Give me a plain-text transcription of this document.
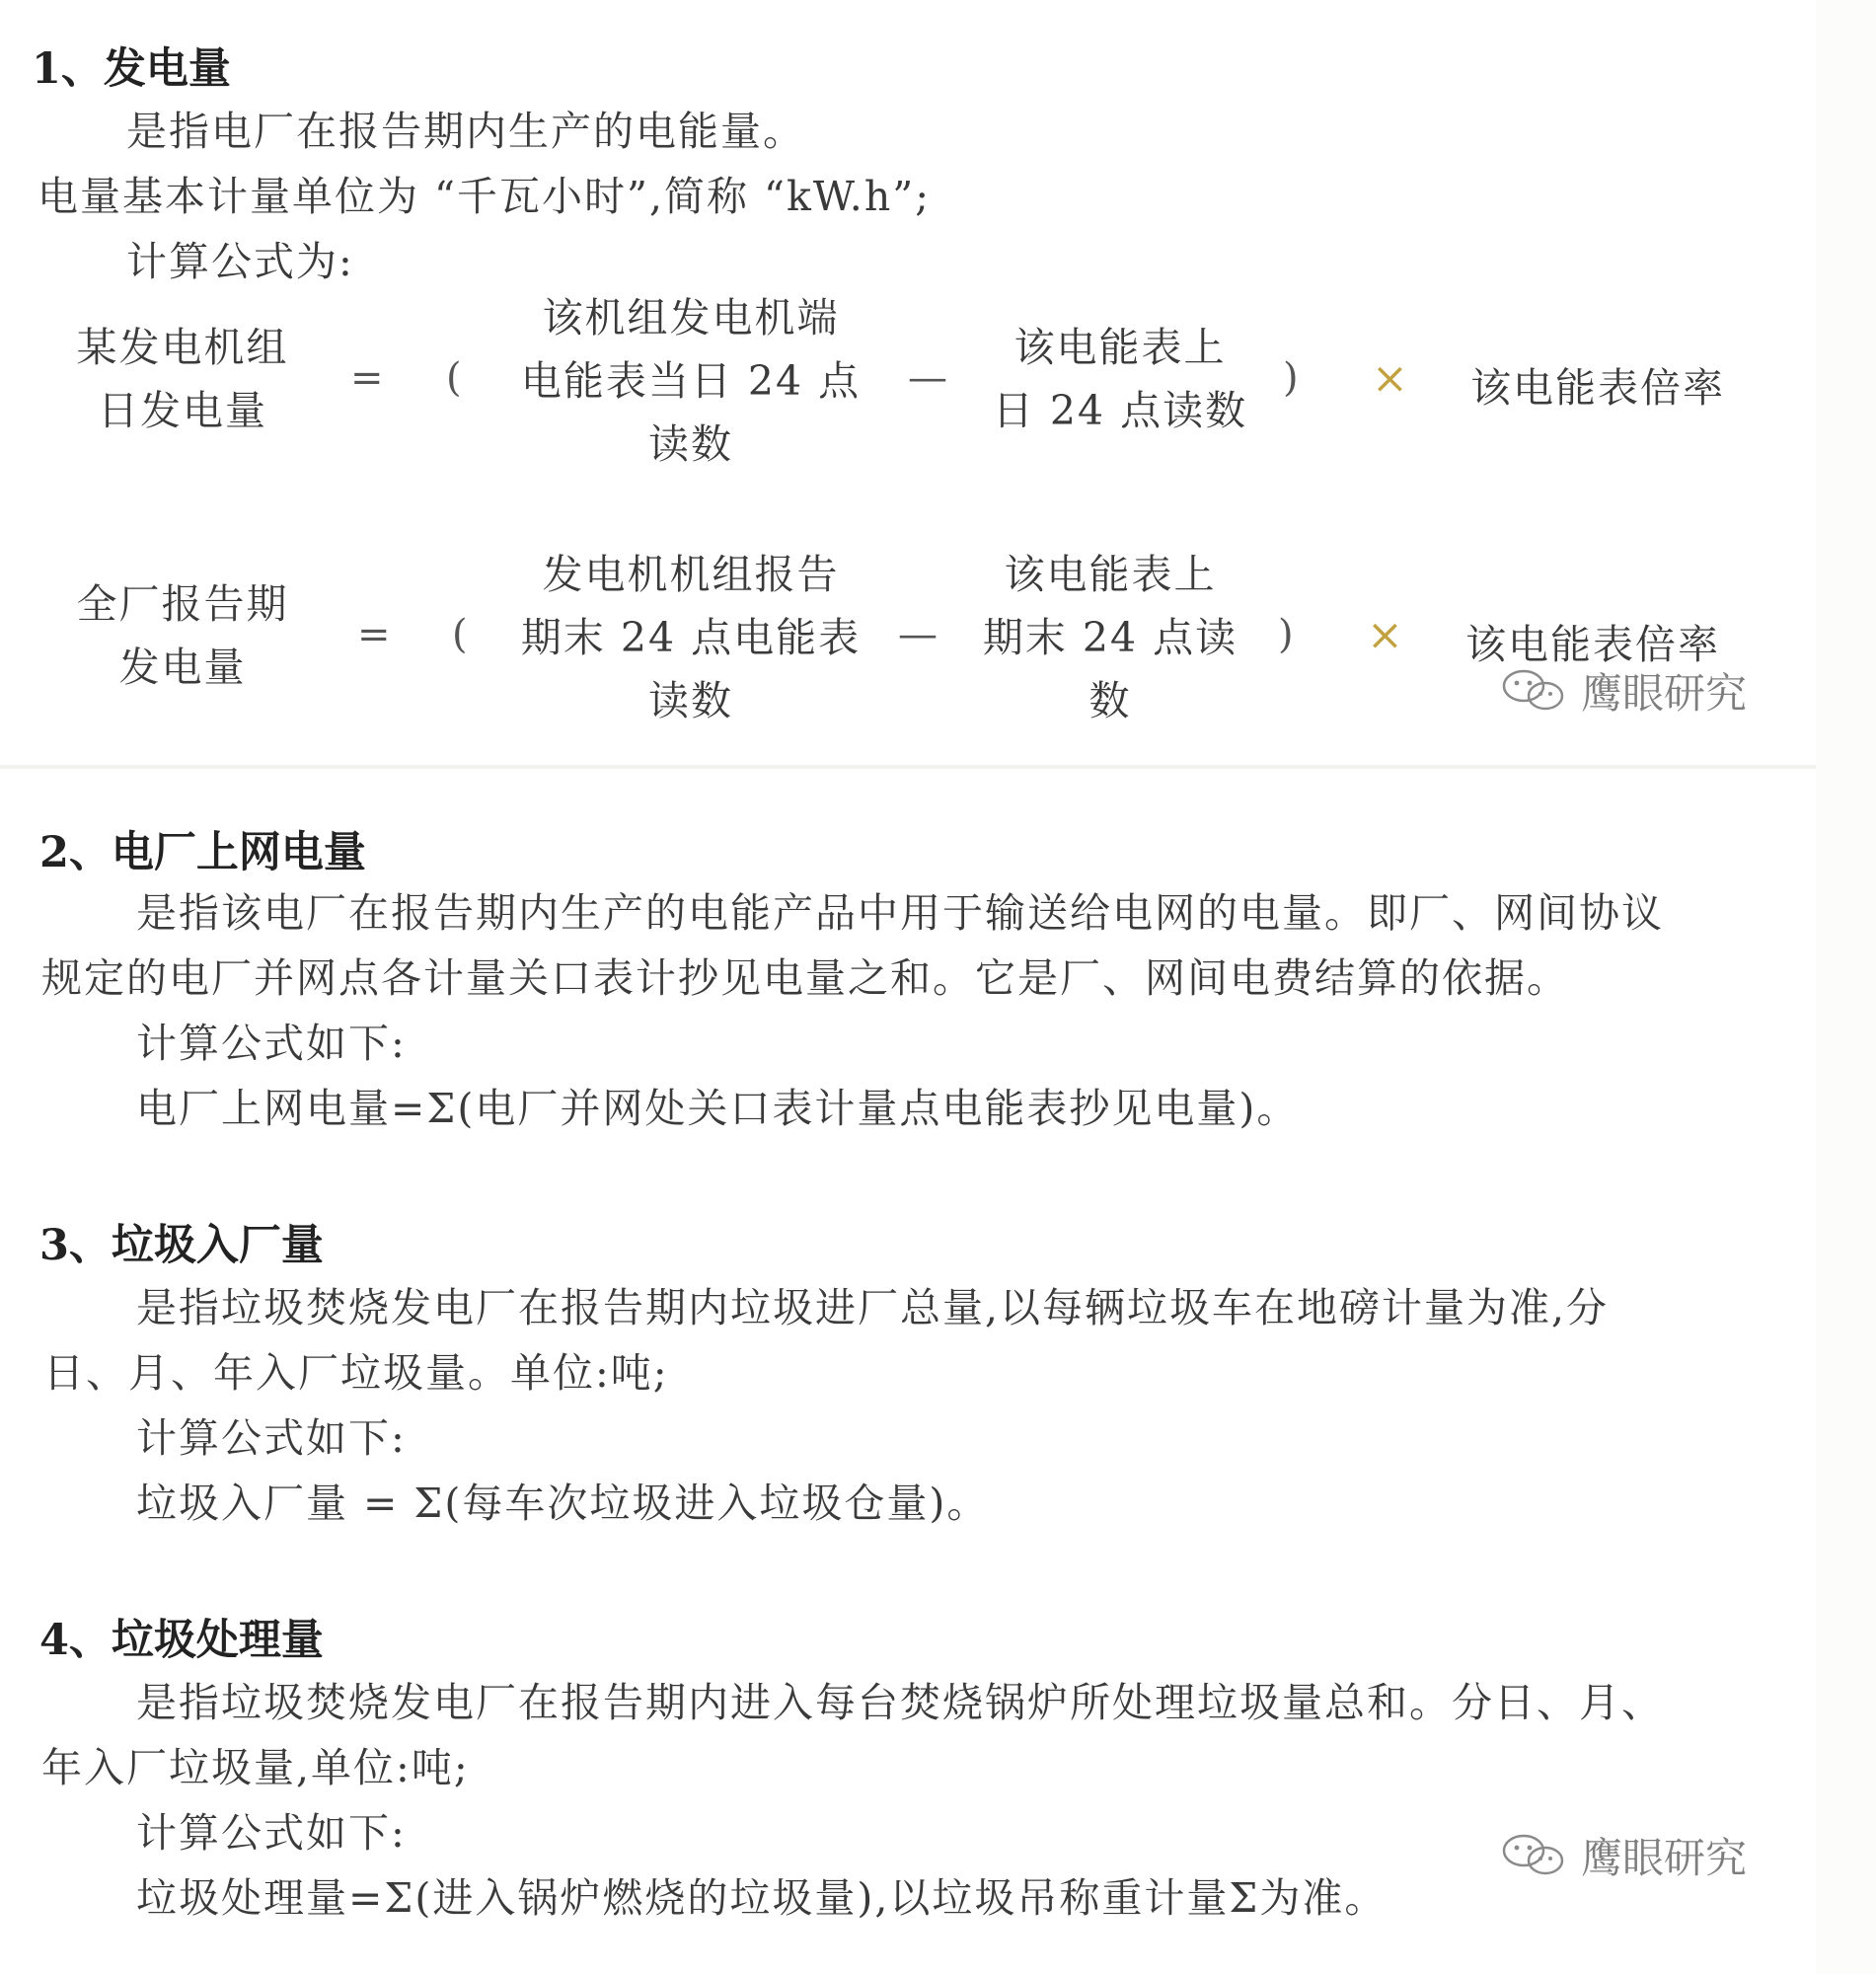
1、发电量
是指电厂在报告期内生产的电能量。
电量基本计量单位为 “千瓦小时”,简称 “kW.h”;
计算公式为:
某发电机组
日发电量
= (
该机组发电机端
电能表当日 24 点
读数
—
该电能表上
日 24 点读数
) × 该电能表倍率
全厂报告期
发电量
= (
发电机机组报告
期末 24 点电能表
读数
—
该电能表上
期末 24 点读
数
) × 该电能表倍率
鹰眼研究
2、电厂上网电量
是指该电厂在报告期内生产的电能产品中用于输送给电网的电量。即厂、网间协议
规定的电厂并网点各计量关口表计抄见电量之和。它是厂、网间电费结算的依据。
计算公式如下:
电厂上网电量=Σ(电厂并网处关口表计量点电能表抄见电量)。
3、垃圾入厂量
是指垃圾焚烧发电厂在报告期内垃圾进厂总量,以每辆垃圾车在地磅计量为准,分
日、月、年入厂垃圾量。单位:吨;
计算公式如下:
垃圾入厂量 = Σ(每车次垃圾进入垃圾仓量)。
4、垃圾处理量
是指垃圾焚烧发电厂在报告期内进入每台焚烧锅炉所处理垃圾量总和。分日、月、
年入厂垃圾量,单位:吨;
计算公式如下:
垃圾处理量=Σ(进入锅炉燃烧的垃圾量),以垃圾吊称重计量Σ为准。
鹰眼研究
